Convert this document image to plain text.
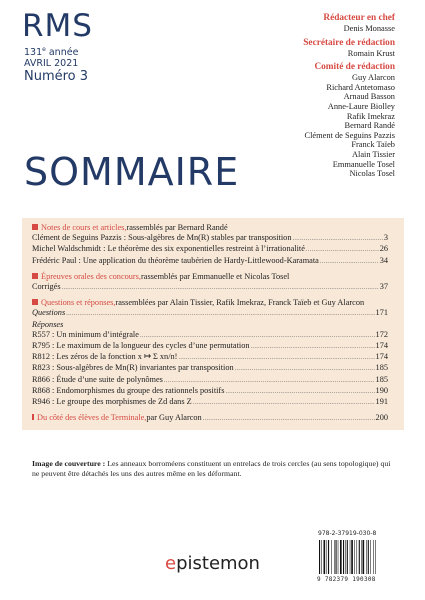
RMS
131e année
AVRIL 2021
Numéro 3
Rédacteur en chef
Denis Monasse
Secrétaire de rédaction
Romain Krust
Comité de rédaction
Guy Alarcon
Richard Antetomaso
Arnaud Basson
Anne-Laure Biolley
Rafik Imekraz
Bernard Randé
Clément de Seguins Pazzis
Franck Taïeb
Alain Tissier
Emmanuelle Tosel
Nicolas Tosel
SOMMAIRE
Notes de cours et articles, rassemblés par Bernard Randé
Clément de Seguins Pazzis : Sous-algèbres de Mn(R) stables par transposition .....	3
Michel Waldschmidt : Le théorème des six exponentielles restreint à l’irrationalité .....	26
Frédéric Paul : Une application du théorème taubérien de Hardy-Littlewood-Karamata .....	34
Épreuves orales des concours, rassemblés par Emmanuelle et Nicolas Tosel
Corrigés .....	37
Questions et réponses, rassemblées par Alain Tissier, Rafik Imekraz, Franck Taïeb et Guy Alarcon
Questions .....	171
Réponses
R557 : Un minimum d’intégrale .....	172
R795 : Le maximum de la longueur des cycles d’une permutation .....	174
R812 : Les zéros de la fonction x ↦ Σ xn/n! .....	174
R823 : Sous-algèbres de Mn(R) invariantes par transposition .....	185
R866 : Étude d’une suite de polynômes .....	185
R868 : Endomorphismes du groupe des rationnels positifs .....	190
R946 : Le groupe des morphismes de Zd dans Z .....	191
Du côté des élèves de Terminale, par Guy Alarcon .....	200
Image de couverture : Les anneaux borroméens constituent un entrelacs de trois cercles (au sens topologique) qui ne peuvent être détachés les uns des autres même en les déformant.
978-2-37919-030-8
9 782379 190308
epistemon
